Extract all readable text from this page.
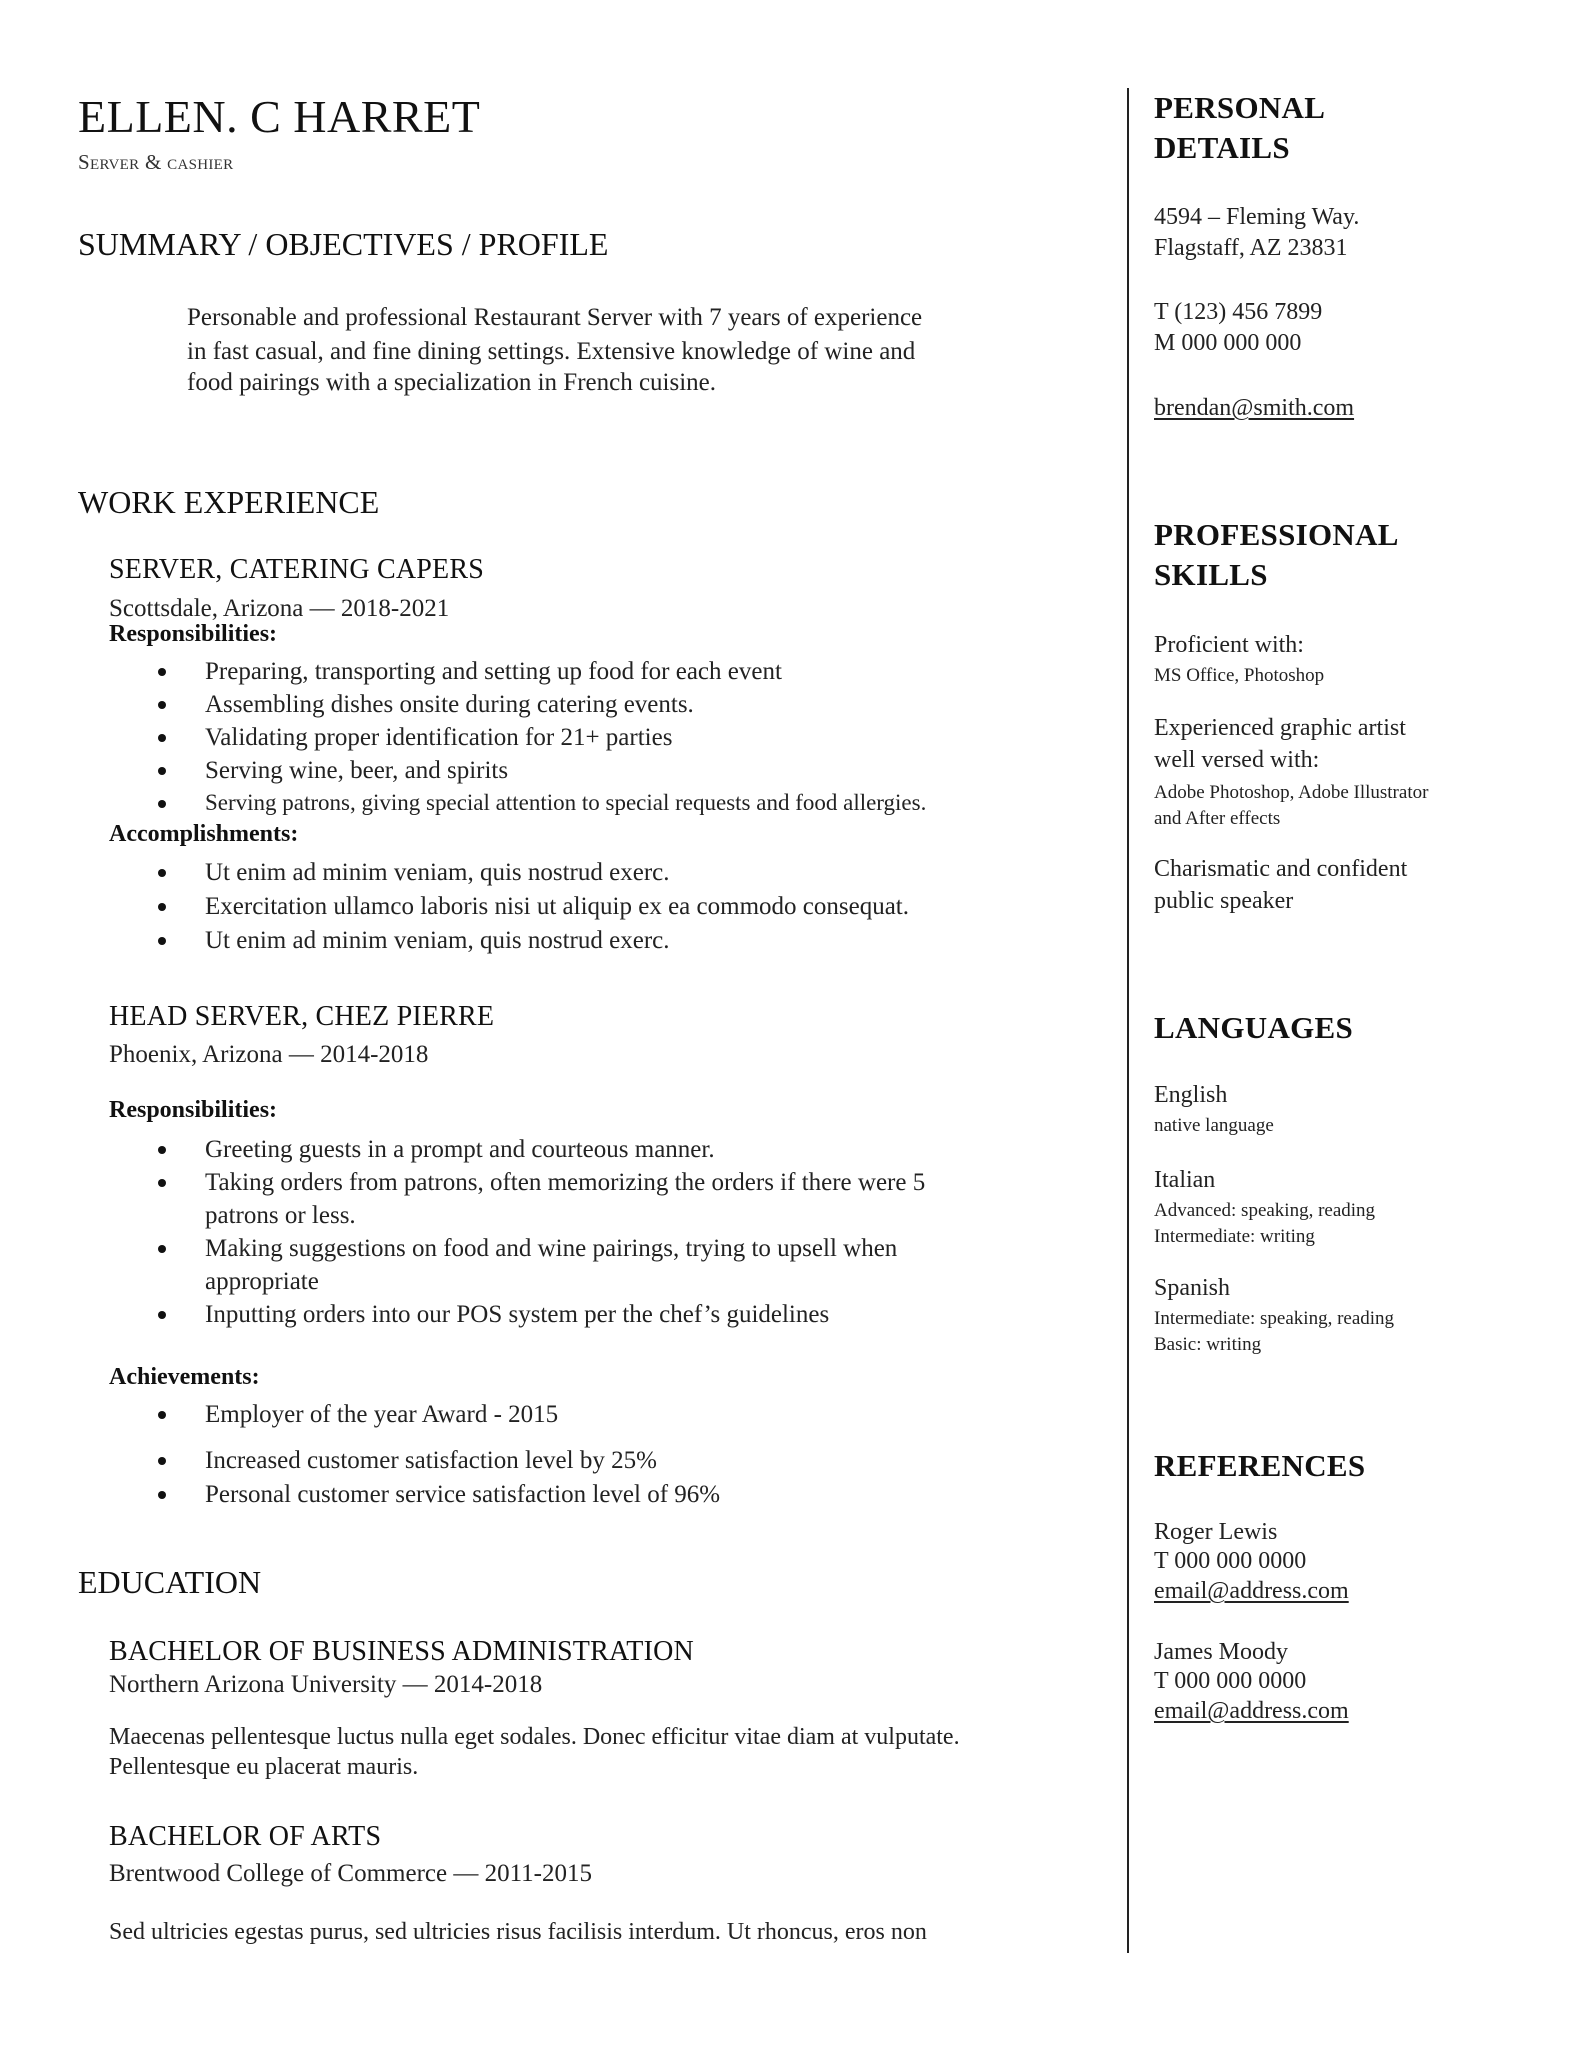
ELLEN. C HARRET
Server & cashier
SUMMARY / OBJECTIVES / PROFILE
Personable and professional Restaurant Server with 7 years of experience
in fast casual, and fine dining settings. Extensive knowledge of wine and
food pairings with a specialization in French cuisine.
WORK EXPERIENCE
SERVER, CATERING CAPERS
Scottsdale, Arizona — 2018-2021
Responsibilities:
Preparing, transporting and setting up food for each event
Assembling dishes onsite during catering events.
Validating proper identification for 21+ parties
Serving wine, beer, and spirits
Serving patrons, giving special attention to special requests and food allergies.
Accomplishments:
Ut enim ad minim veniam, quis nostrud exerc.
Exercitation ullamco laboris nisi ut aliquip ex ea commodo consequat.
Ut enim ad minim veniam, quis nostrud exerc.
HEAD SERVER, CHEZ PIERRE
Phoenix, Arizona — 2014-2018
Responsibilities:
Greeting guests in a prompt and courteous manner.
Taking orders from patrons, often memorizing the orders if there were 5
patrons or less.
Making suggestions on food and wine pairings, trying to upsell when
appropriate
Inputting orders into our POS system per the chef’s guidelines
Achievements:
Employer of the year Award - 2015
Increased customer satisfaction level by 25%
Personal customer service satisfaction level of 96%
EDUCATION
BACHELOR OF BUSINESS ADMINISTRATION
Northern Arizona University — 2014-2018
Maecenas pellentesque luctus nulla eget sodales. Donec efficitur vitae diam at vulputate.
Pellentesque eu placerat mauris.
BACHELOR OF ARTS
Brentwood College of Commerce — 2011-2015
Sed ultricies egestas purus, sed ultricies risus facilisis interdum. Ut rhoncus, eros non
PERSONAL
DETAILS
4594 – Fleming Way.
Flagstaff, AZ 23831
T (123) 456 7899
M 000 000 000
brendan@smith.com
PROFESSIONAL
SKILLS
Proficient with:
MS Office, Photoshop
Experienced graphic artist
well versed with:
Adobe Photoshop, Adobe Illustrator
and After effects
Charismatic and confident
public speaker
LANGUAGES
English
native language
Italian
Advanced: speaking, reading
Intermediate: writing
Spanish
Intermediate: speaking, reading
Basic: writing
REFERENCES
Roger Lewis
T 000 000 0000
email@address.com
James Moody
T 000 000 0000
email@address.com
